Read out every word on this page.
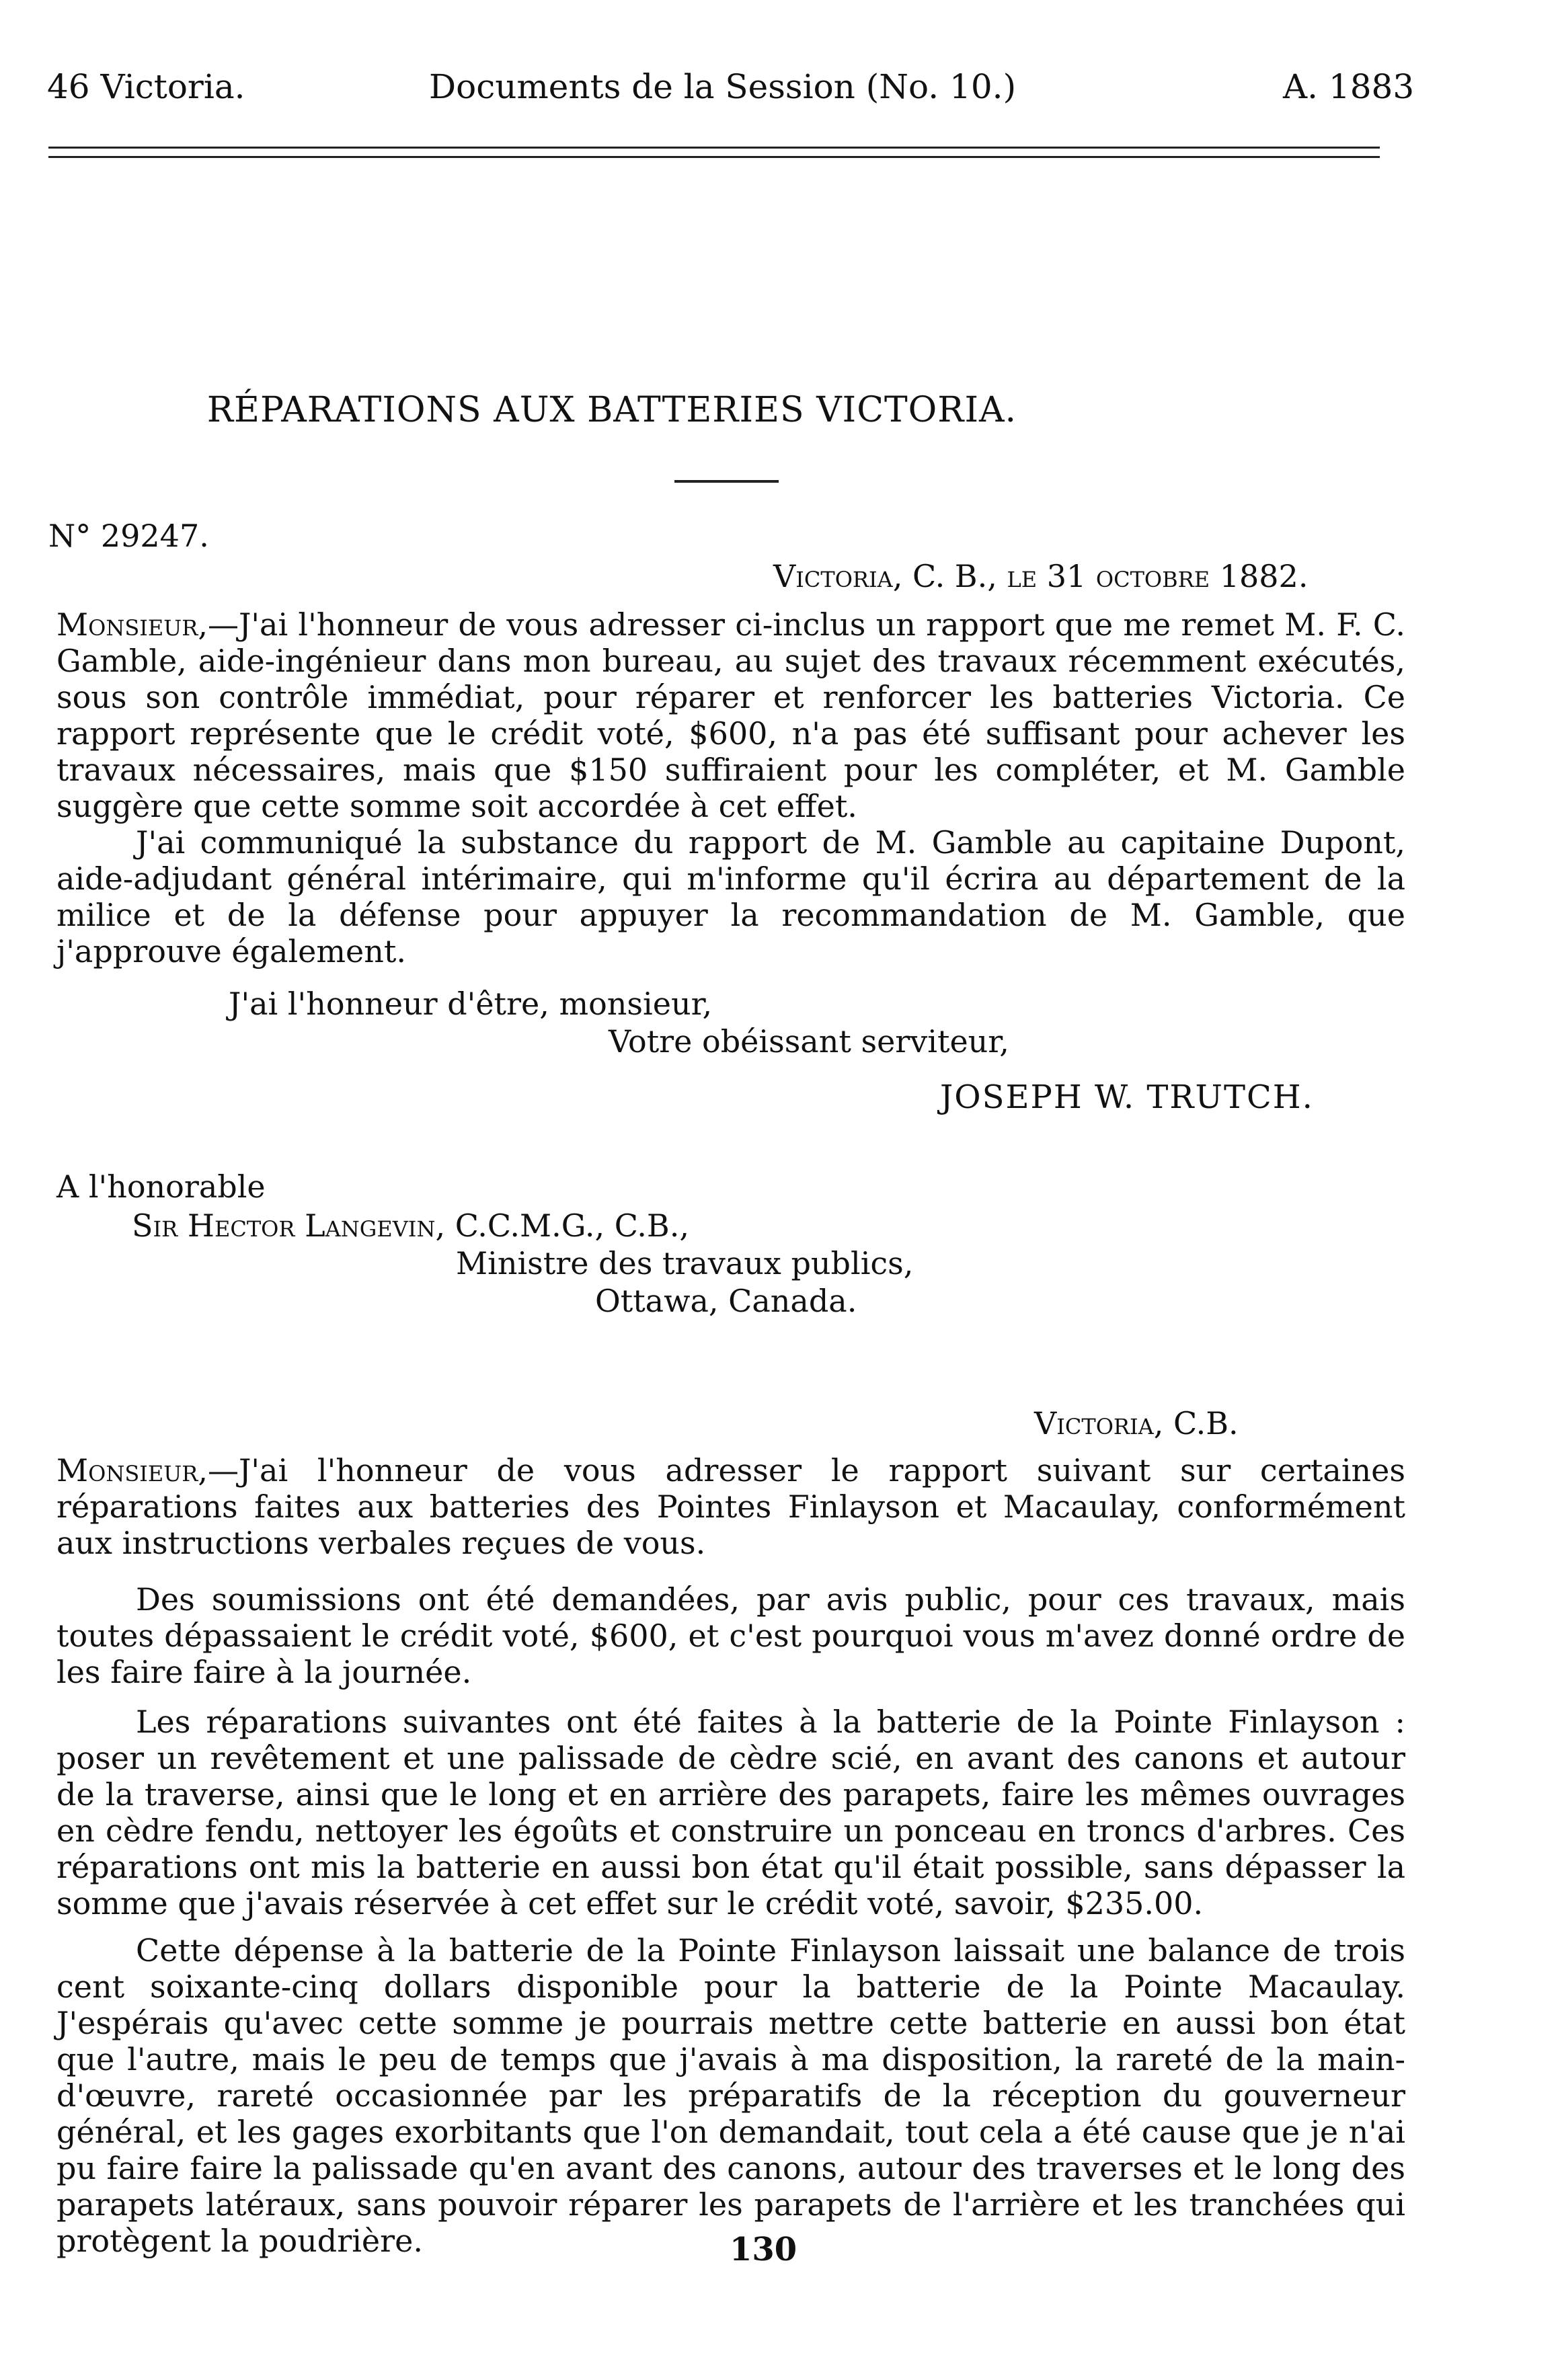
46 Victoria.	Documents de la Session (No. 10.)	A. 1883
RÉPARATIONS AUX BATTERIES VICTORIA.
N° 29247.
Victoria, C. B., le 31 octobre 1882.
Monsieur,—J'ai l'honneur de vous adresser ci-inclus un rapport que me remet M. F. C. Gamble, aide-ingénieur dans mon bureau, au sujet des travaux récemment exécutés, sous son contrôle immédiat, pour réparer et renforcer les batteries Victoria. Ce rapport représente que le crédit voté, $600, n'a pas été suffisant pour achever les travaux nécessaires, mais que $150 suffiraient pour les compléter, et M. Gamble suggère que cette somme soit accordée à cet effet.
J'ai communiqué la substance du rapport de M. Gamble au capitaine Dupont, aide-adjudant général intérimaire, qui m'informe qu'il écrira au département de la milice et de la défense pour appuyer la recommandation de M. Gamble, que j'approuve également.
J'ai l'honneur d'être, monsieur,
Votre obéissant serviteur,
JOSEPH W. TRUTCH.
A l'honorable
Sir Hector Langevin, C.C.M.G., C.B.,
Ministre des travaux publics,
Ottawa, Canada.
Victoria, C.B.
Monsieur,—J'ai l'honneur de vous adresser le rapport suivant sur certaines réparations faites aux batteries des Pointes Finlayson et Macaulay, conformément aux instructions verbales reçues de vous.
Des soumissions ont été demandées, par avis public, pour ces travaux, mais toutes dépassaient le crédit voté, $600, et c'est pourquoi vous m'avez donné ordre de les faire faire à la journée.
Les réparations suivantes ont été faites à la batterie de la Pointe Finlayson : poser un revêtement et une palissade de cèdre scié, en avant des canons et autour de la traverse, ainsi que le long et en arrière des parapets, faire les mêmes ouvrages en cèdre fendu, nettoyer les égoûts et construire un ponceau en troncs d'arbres. Ces réparations ont mis la batterie en aussi bon état qu'il était possible, sans dépasser la somme que j'avais réservée à cet effet sur le crédit voté, savoir, $235.00.
Cette dépense à la batterie de la Pointe Finlayson laissait une balance de trois cent soixante-cinq dollars disponible pour la batterie de la Pointe Macaulay. J'espérais qu'avec cette somme je pourrais mettre cette batterie en aussi bon état que l'autre, mais le peu de temps que j'avais à ma disposition, la rareté de la main-d'œuvre, rareté occasionnée par les préparatifs de la réception du gouverneur général, et les gages exorbitants que l'on demandait, tout cela a été cause que je n'ai pu faire faire la palissade qu'en avant des canons, autour des traverses et le long des parapets latéraux, sans pouvoir réparer les parapets de l'arrière et les tranchées qui protègent la poudrière.	130
